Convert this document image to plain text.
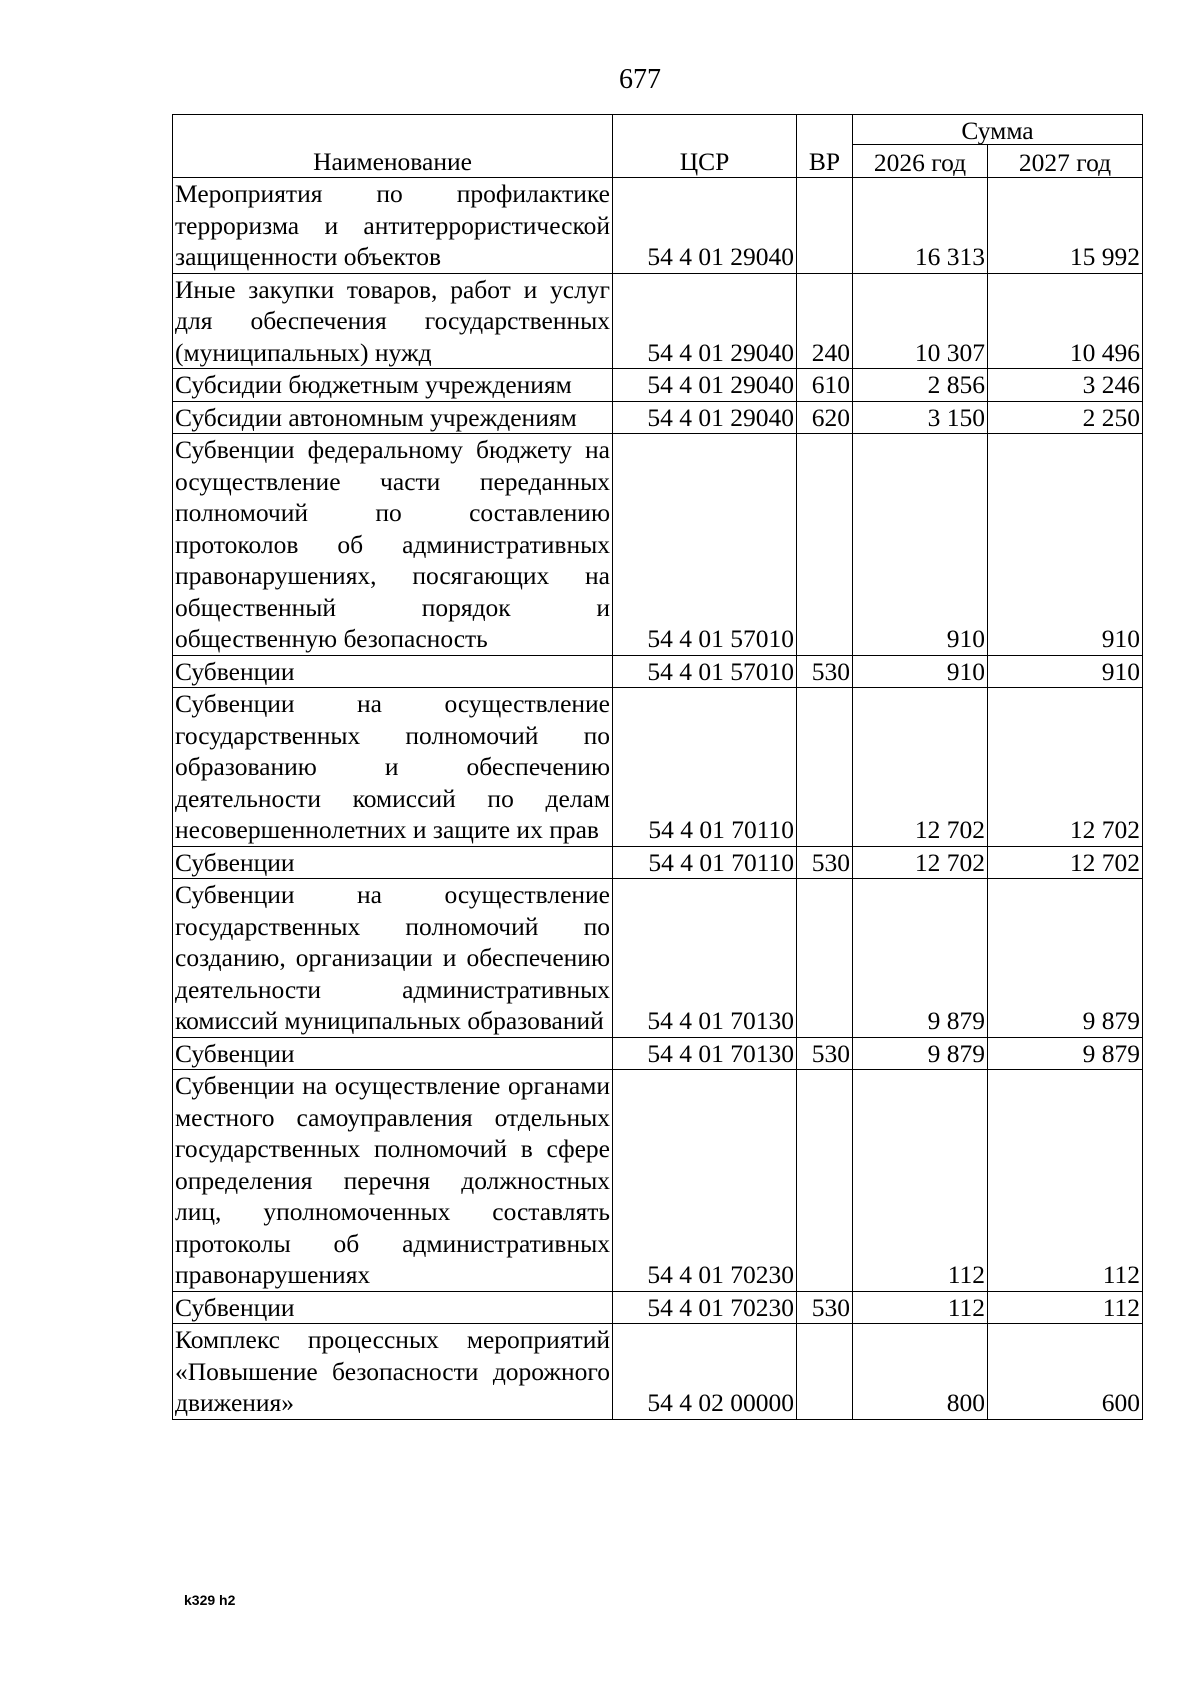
677
Наименование	ЦСР	ВР	Сумма	
			2026 год	2027 год
Мероприятия по профилактике терроризма и антитеррористической защищенности объектов	54 4 01 29040		16 313	15 992
Иные закупки товаров, работ и услуг для обеспечения государственных (муниципальных) нужд	54 4 01 29040	240	10 307	10 496
Субсидии бюджетным учреждениям	54 4 01 29040	610	2 856	3 246
Субсидии автономным учреждениям	54 4 01 29040	620	3 150	2 250
Субвенции федеральному бюджету на осуществление части переданных полномочий по составлению протоколов об административных правонарушениях, посягающих на общественный порядок и общественную безопасность	54 4 01 57010		910	910
Субвенции	54 4 01 57010	530	910	910
Субвенции на осуществление государственных полномочий по образованию и обеспечению деятельности комиссий по делам несовершеннолетних и защите их прав	54 4 01 70110		12 702	12 702
Субвенции	54 4 01 70110	530	12 702	12 702
Субвенции на осуществление государственных полномочий по созданию, организации и обеспечению деятельности административных комиссий муниципальных образований	54 4 01 70130		9 879	9 879
Субвенции	54 4 01 70130	530	9 879	9 879
Субвенции на осуществление органами местного самоуправления отдельных государственных полномочий в сфере определения перечня должностных лиц, уполномоченных составлять протоколы об административных правонарушениях	54 4 01 70230		112	112
Субвенции	54 4 01 70230	530	112	112
Комплекс процессных мероприятий «Повышение безопасности дорожного движения»	54 4 02 00000		800	600
k329 h2
